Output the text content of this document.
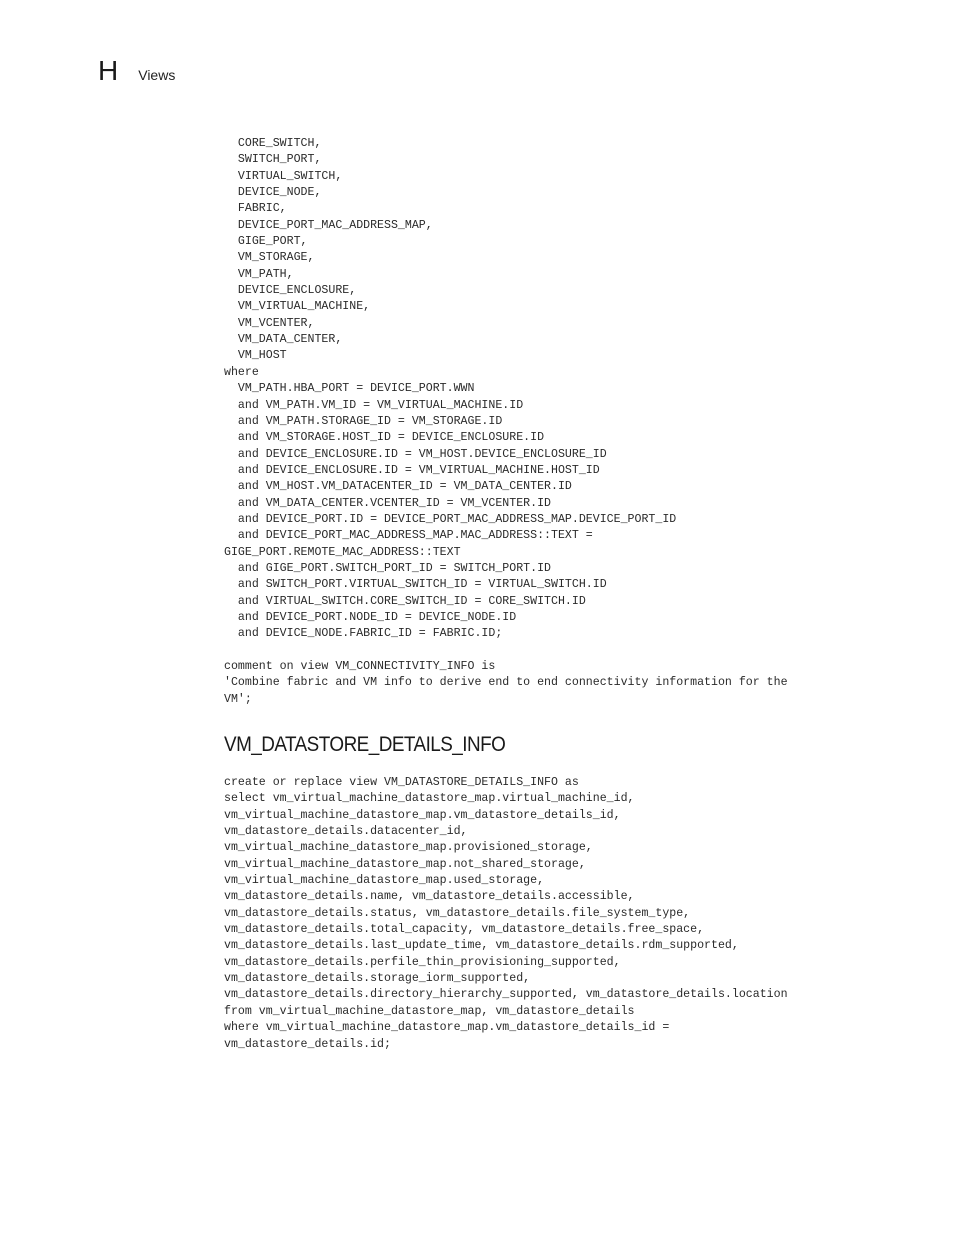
H Views
CORE_SWITCH,
SWITCH_PORT,
VIRTUAL_SWITCH,
DEVICE_NODE,
FABRIC,
DEVICE_PORT_MAC_ADDRESS_MAP,
GIGE_PORT,
VM_STORAGE,
VM_PATH,
DEVICE_ENCLOSURE,
VM_VIRTUAL_MACHINE,
VM_VCENTER,
VM_DATA_CENTER,
VM_HOST
where
VM_PATH.HBA_PORT = DEVICE_PORT.WWN
and VM_PATH.VM_ID = VM_VIRTUAL_MACHINE.ID
and VM_PATH.STORAGE_ID = VM_STORAGE.ID
and VM_STORAGE.HOST_ID = DEVICE_ENCLOSURE.ID
and DEVICE_ENCLOSURE.ID = VM_HOST.DEVICE_ENCLOSURE_ID
and DEVICE_ENCLOSURE.ID = VM_VIRTUAL_MACHINE.HOST_ID
and VM_HOST.VM_DATACENTER_ID = VM_DATA_CENTER.ID
and VM_DATA_CENTER.VCENTER_ID = VM_VCENTER.ID
and DEVICE_PORT.ID = DEVICE_PORT_MAC_ADDRESS_MAP.DEVICE_PORT_ID
and DEVICE_PORT_MAC_ADDRESS_MAP.MAC_ADDRESS::TEXT =
GIGE_PORT.REMOTE_MAC_ADDRESS::TEXT
and GIGE_PORT.SWITCH_PORT_ID = SWITCH_PORT.ID
and SWITCH_PORT.VIRTUAL_SWITCH_ID = VIRTUAL_SWITCH.ID
and VIRTUAL_SWITCH.CORE_SWITCH_ID = CORE_SWITCH.ID
and DEVICE_PORT.NODE_ID = DEVICE_NODE.ID
and DEVICE_NODE.FABRIC_ID = FABRIC.ID;
comment on view VM_CONNECTIVITY_INFO is
'Combine fabric and VM info to derive end to end connectivity information for the
VM';
VM_DATASTORE_DETAILS_INFO
create or replace view VM_DATASTORE_DETAILS_INFO as
select vm_virtual_machine_datastore_map.virtual_machine_id,
vm_virtual_machine_datastore_map.vm_datastore_details_id,
vm_datastore_details.datacenter_id,
vm_virtual_machine_datastore_map.provisioned_storage,
vm_virtual_machine_datastore_map.not_shared_storage,
vm_virtual_machine_datastore_map.used_storage,
vm_datastore_details.name, vm_datastore_details.accessible,
vm_datastore_details.status, vm_datastore_details.file_system_type,
vm_datastore_details.total_capacity, vm_datastore_details.free_space,
vm_datastore_details.last_update_time, vm_datastore_details.rdm_supported,
vm_datastore_details.perfile_thin_provisioning_supported,
vm_datastore_details.storage_iorm_supported,
vm_datastore_details.directory_hierarchy_supported, vm_datastore_details.location
from vm_virtual_machine_datastore_map, vm_datastore_details
where vm_virtual_machine_datastore_map.vm_datastore_details_id =
vm_datastore_details.id;
